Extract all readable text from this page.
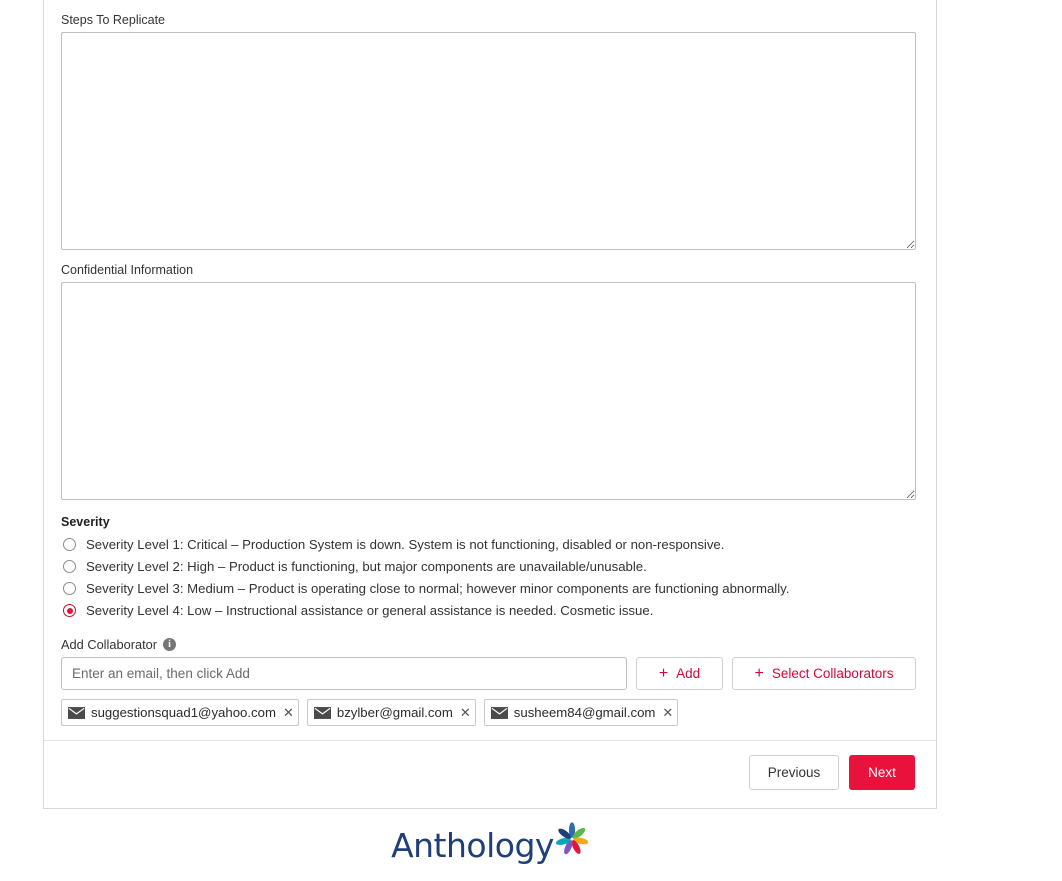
Steps To Replicate
Confidential Information
Severity
Severity Level 1: Critical – Production System is down. System is not functioning, disabled or non-responsive.
Severity Level 2: High – Product is functioning, but major components are unavailable/unusable.
Severity Level 3: Medium – Product is operating close to normal; however minor components are functioning abnormally.
Severity Level 4: Low – Instructional assistance or general assistance is needed. Cosmetic issue.
Add Collaborator	i
Enter an email, then click Add
+ Add	+ Select Collaborators
suggestionsquad1@yahoo.com ✕	bzylber@gmail.com ✕	susheem84@gmail.com ✕
Previous	Next
Anthology
